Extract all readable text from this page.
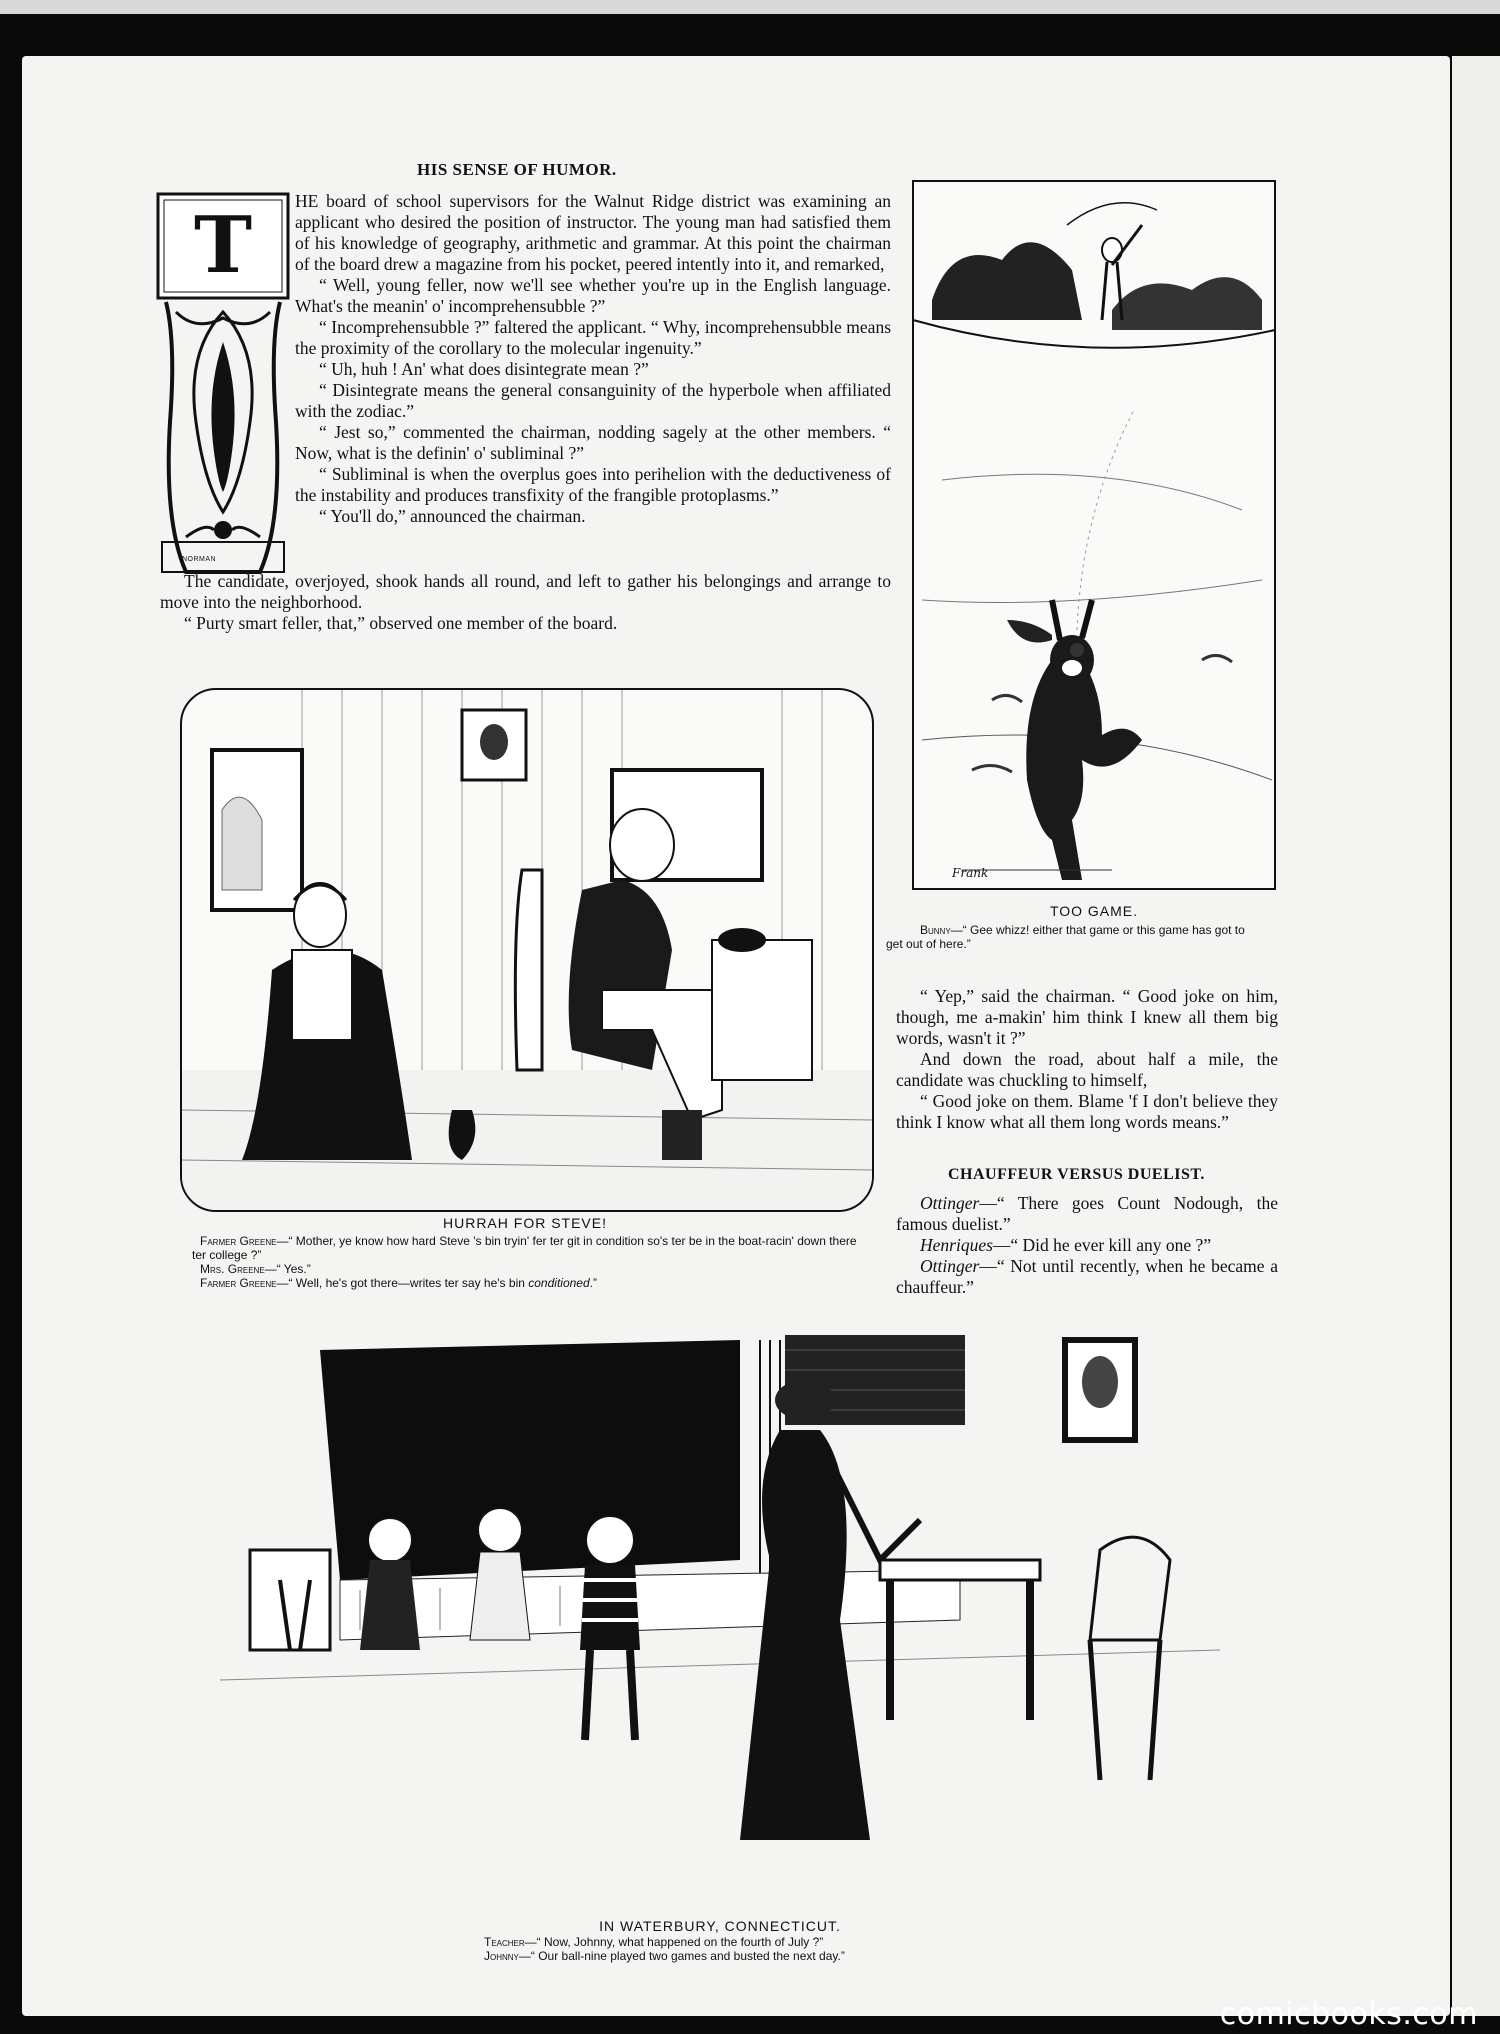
HIS SENSE OF HUMOR.
T
NORMAN

HE board of school supervisors for the Walnut Ridge district was examining an applicant who desired the position of instructor. The young man had satisfied them of his knowledge of geography, arithmetic and grammar. At this point the chairman of the board drew a magazine from his pocket, peered intently into it, and remarked,

“ Well, young feller, now we'll see whether you're up in the English language. What's the meanin' o' incomprehensubble ?”

“ Incomprehensubble ?” faltered the applicant. “ Why, incomprehensubble means the proximity of the corollary to the molecular ingenuity.”

“ Uh, huh ! An' what does disintegrate mean ?”

“ Disintegrate means the general consanguinity of the hyperbole when affiliated with the zodiac.”

“ Jest so,” commented the chairman, nodding sagely at the other members. “ Now, what is the definin' o' subliminal ?”

“ Subliminal is when the overplus goes into perihelion with the deductiveness of the instability and produces transfixity of the frangible protoplasms.”

“ You'll do,” announced the chairman.

The candidate, overjoyed, shook hands all round, and left to gather his belongings and arrange to move into the neighborhood.

“ Purty smart feller, that,” observed one member of the board.

Frank
TOO GAME.
Bunny—“ Gee whizz! either that game or this game has got to get out of here.”

“ Yep,” said the chairman. “ Good joke on him, though, me a-makin' him think I knew all them big words, wasn't it ?”

And down the road, about half a mile, the candidate was chuckling to himself,

“ Good joke on them. Blame 'f I don't believe they think I know what all them long words means.”

CHAUFFEUR VERSUS DUELIST.

Ottinger—“ There goes Count Nodough, the famous duelist.”

Henriques—“ Did he ever kill any one ?”

Ottinger—“ Not until recently, when he became a chauffeur.”

HURRAH FOR STEVE!
Farmer Greene—“ Mother, ye know how hard Steve 's bin tryin' fer ter git in condition so's ter be in the boat-racin' down there ter college ?”
Mrs. Greene—“ Yes.”
Farmer Greene—“ Well, he's got there—writes ter say he's bin conditioned.”
IN WATERBURY, CONNECTICUT.
Teacher—“ Now, Johnny, what happened on the fourth of July ?”
Johnny—“ Our ball-nine played two games and busted the next day.”
comicbooks.com
